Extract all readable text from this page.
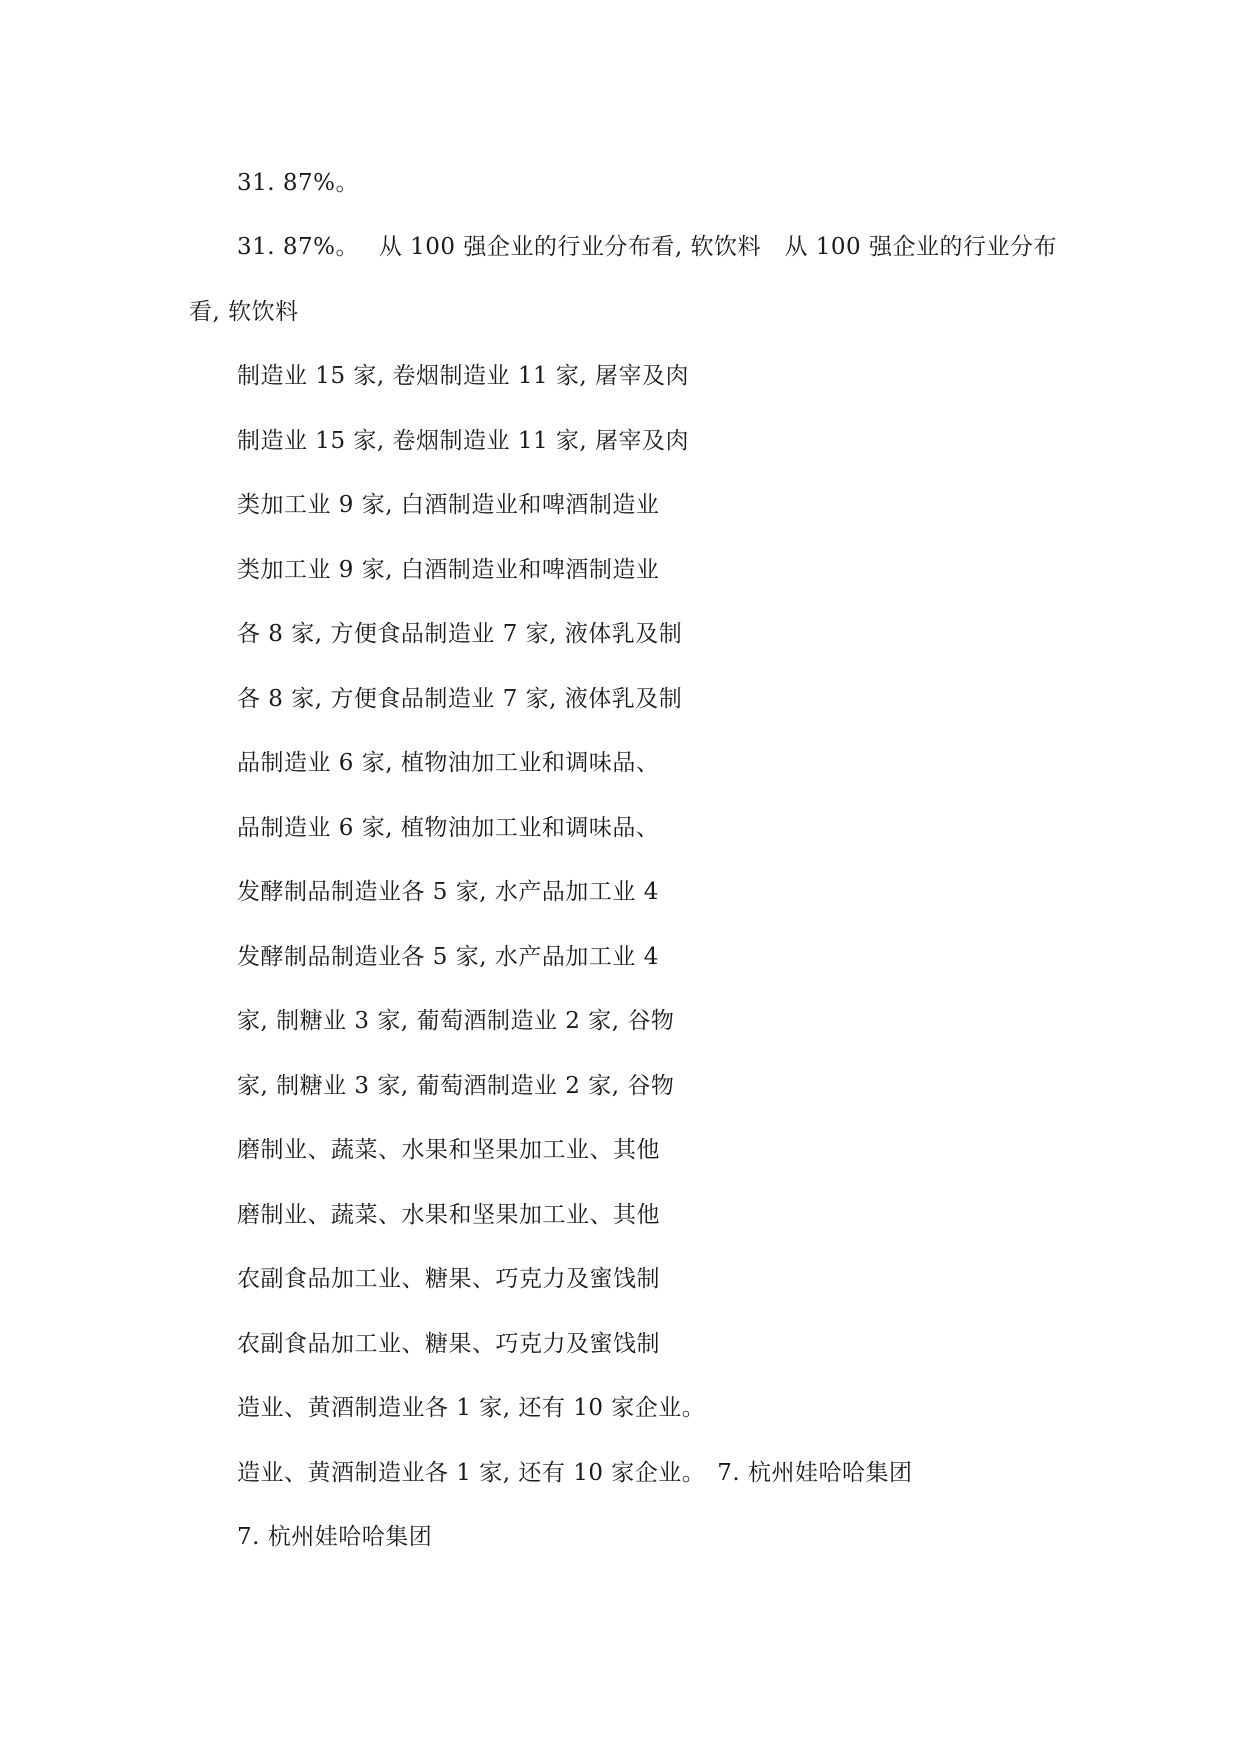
31. 87%。
31. 87%。　 从 100 强企业的行业分布看, 软饮料　从 100 强企业的行业分布
看, 软饮料
制造业 15 家, 卷烟制造业 11 家, 屠宰及肉
制造业 15 家, 卷烟制造业 11 家, 屠宰及肉
类加工业 9 家, 白酒制造业和啤酒制造业
类加工业 9 家, 白酒制造业和啤酒制造业
各 8 家, 方便食品制造业 7 家, 液体乳及制
各 8 家, 方便食品制造业 7 家, 液体乳及制
品制造业 6 家, 植物油加工业和调味品、
品制造业 6 家, 植物油加工业和调味品、
发酵制品制造业各 5 家, 水产品加工业 4
发酵制品制造业各 5 家, 水产品加工业 4
家, 制糖业 3 家, 葡萄酒制造业 2 家, 谷物
家, 制糖业 3 家, 葡萄酒制造业 2 家, 谷物
磨制业、蔬菜、水果和坚果加工业、其他
磨制业、蔬菜、水果和坚果加工业、其他
农副食品加工业、糖果、巧克力及蜜饯制
农副食品加工业、糖果、巧克力及蜜饯制
造业、黄酒制造业各 1 家, 还有 10 家企业。
造业、黄酒制造业各 1 家, 还有 10 家企业。　7. 杭州娃哈哈集团
7. 杭州娃哈哈集团
